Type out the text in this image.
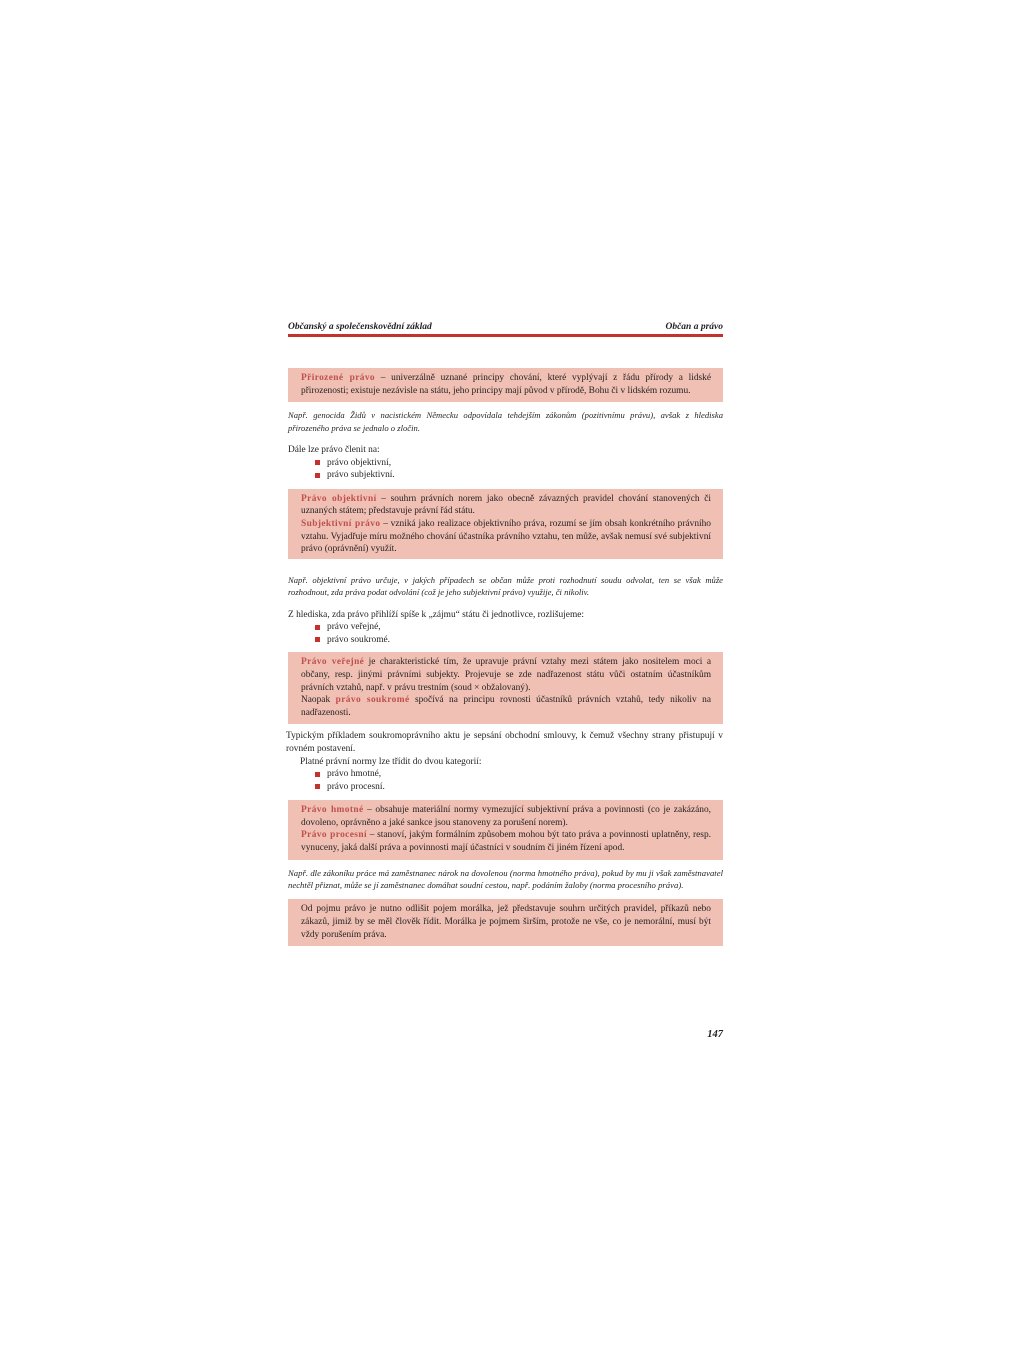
Občanský a společenskovědní základ	Občan a právo
Přirozené právo – univerzálně uznané principy chování, které vyplývají z řádu přírody a lidské přirozenosti; existuje nezávisle na státu, jeho principy mají původ v přírodě, Bohu či v lidském rozumu.
Např. genocida Židů v nacistickém Německu odpovídala tehdejším zákonům (pozitivnímu právu), avšak z hlediska přirozeného práva se jednalo o zločin.
Dále lze právo členit na:
právo objektivní,
právo subjektivní.
Právo objektivní – souhrn právních norem jako obecně závazných pravidel chování stanovených či uznaných státem; představuje právní řád státu.
Subjektivní právo – vzniká jako realizace objektivního práva, rozumí se jím obsah konkrétního právního vztahu. Vyjadřuje míru možného chování účastníka právního vztahu, ten může, avšak nemusí své subjektivní právo (oprávnění) využít.
Např. objektivní právo určuje, v jakých případech se občan může proti rozhodnutí soudu odvolat, ten se však může rozhodnout, zda práva podat odvolání (což je jeho subjektivní právo) využije, či nikoliv.
Z hlediska, zda právo přihlíží spíše k „zájmu“ státu či jednotlivce, rozlišujeme:
právo veřejné,
právo soukromé.
Právo veřejné je charakteristické tím, že upravuje právní vztahy mezi státem jako nositelem moci a občany, resp. jinými právními subjekty. Projevuje se zde nadřazenost státu vůči ostatním účastníkům právních vztahů, např. v právu trestním (soud × obžalovaný).
Naopak právo soukromé spočívá na principu rovnosti účastníků právních vztahů, tedy nikoliv na nadřazenosti.
Typickým příkladem soukromoprávního aktu je sepsání obchodní smlouvy, k čemuž všechny strany přistupují v rovném postavení.
Platné právní normy lze třídit do dvou kategorií:
právo hmotné,
právo procesní.
Právo hmotné – obsahuje materiální normy vymezující subjektivní práva a povinnosti (co je zakázáno, dovoleno, oprávněno a jaké sankce jsou stanoveny za porušení norem).
Právo procesní – stanoví, jakým formálním způsobem mohou být tato práva a povinnosti uplatněny, resp. vynuceny, jaká další práva a povinnosti mají účastníci v soudním či jiném řízení apod.
Např. dle zákoníku práce má zaměstnanec nárok na dovolenou (norma hmotného práva), pokud by mu ji však zaměstnavatel nechtěl přiznat, může se jí zaměstnanec domáhat soudní cestou, např. podáním žaloby (norma procesního práva).
Od pojmu právo je nutno odlišit pojem morálka, jež představuje souhrn určitých pravidel, příkazů nebo zákazů, jimiž by se měl člověk řídit. Morálka je pojmem širším, protože ne vše, co je nemorální, musí být vždy porušením práva.
147
